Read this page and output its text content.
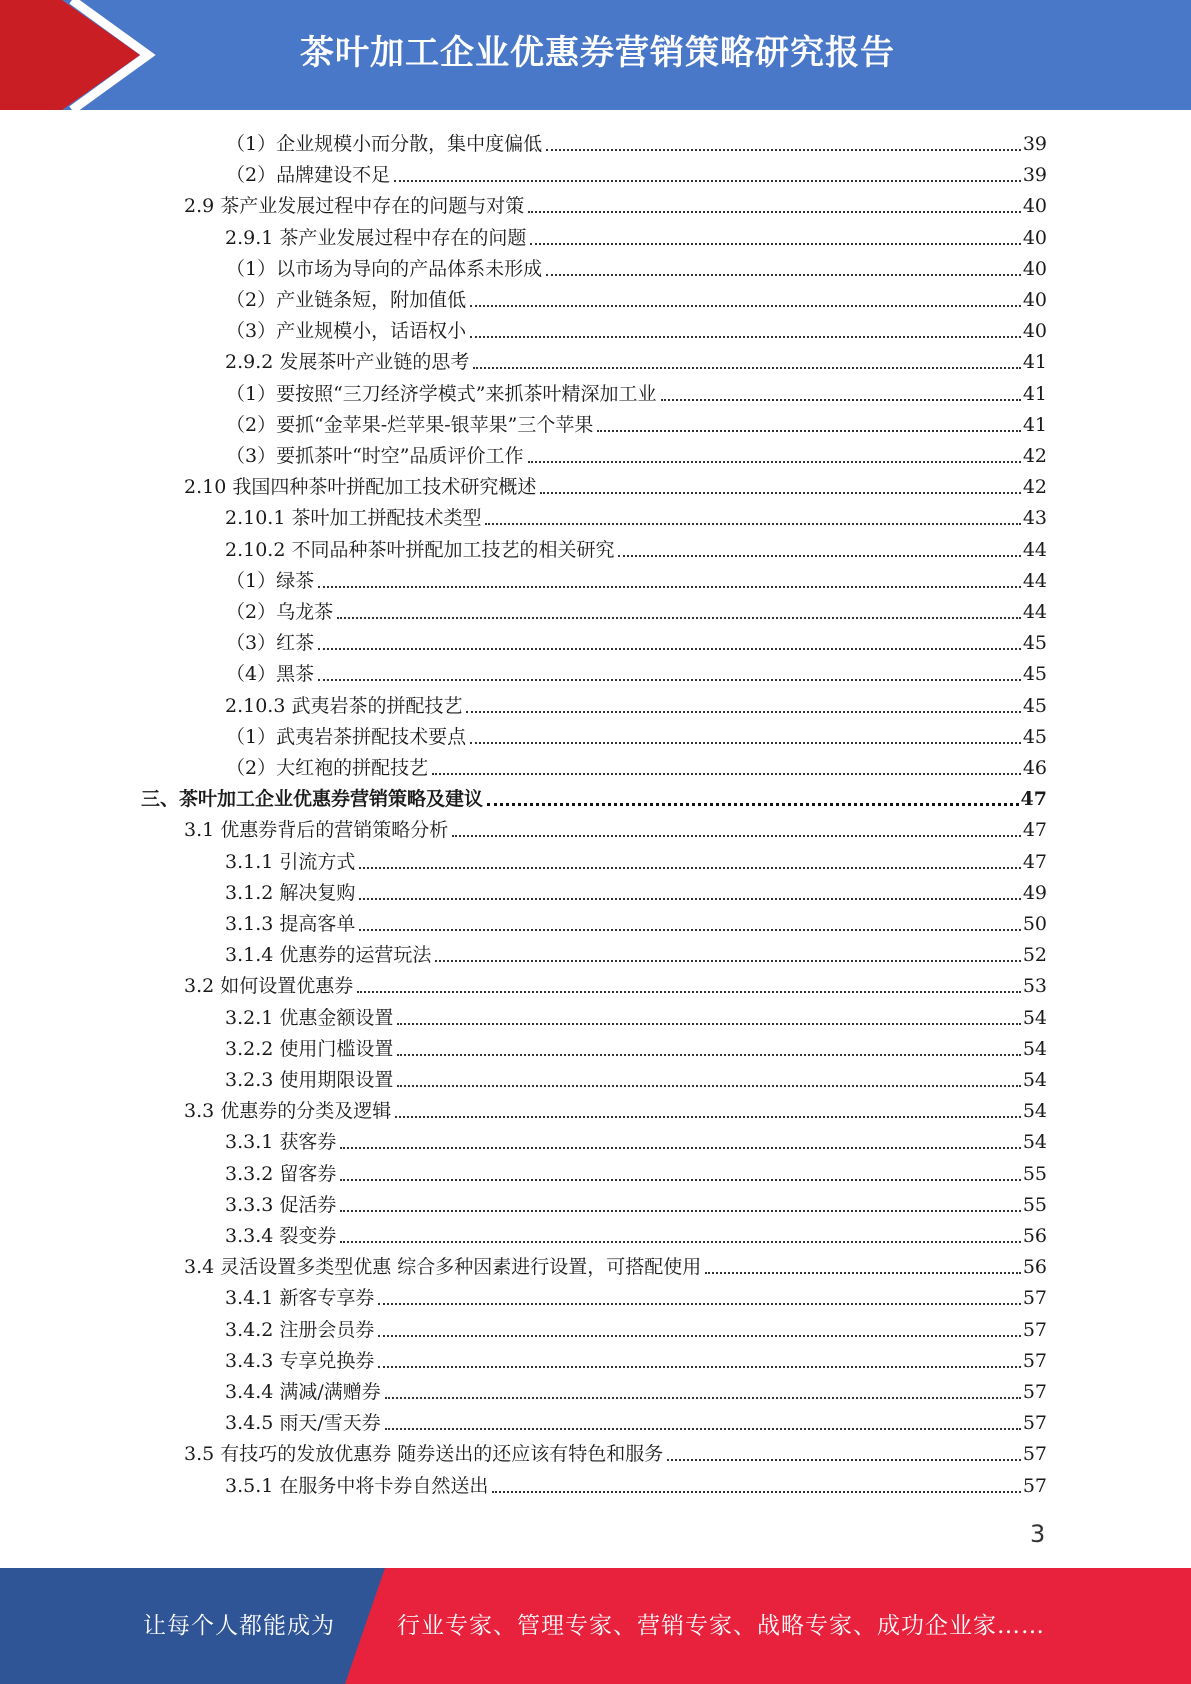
茶叶加工企业优惠券营销策略研究报告
（1）企业规模小而分散，集中度偏低	39
（2）品牌建设不足	39
2.9 茶产业发展过程中存在的问题与对策	40
2.9.1 茶产业发展过程中存在的问题	40
（1）以市场为导向的产品体系未形成	40
（2）产业链条短，附加值低	40
（3）产业规模小，话语权小	40
2.9.2 发展茶叶产业链的思考	41
（1）要按照“三刀经济学模式”来抓茶叶精深加工业	41
（2）要抓“金苹果-烂苹果-银苹果”三个苹果	41
（3）要抓茶叶“时空”品质评价工作	42
2.10 我国四种茶叶拼配加工技术研究概述	42
2.10.1 茶叶加工拼配技术类型	43
2.10.2 不同品种茶叶拼配加工技艺的相关研究	44
（1）绿茶	44
（2）乌龙茶	44
（3）红茶	45
（4）黑茶	45
2.10.3 武夷岩茶的拼配技艺	45
（1）武夷岩茶拼配技术要点	45
（2）大红袍的拼配技艺	46
三、茶叶加工企业优惠券营销策略及建议	47
3.1 优惠券背后的营销策略分析	47
3.1.1 引流方式	47
3.1.2 解决复购	49
3.1.3 提高客单	50
3.1.4 优惠券的运营玩法	52
3.2 如何设置优惠券	53
3.2.1 优惠金额设置	54
3.2.2 使用门槛设置	54
3.2.3 使用期限设置	54
3.3 优惠券的分类及逻辑	54
3.3.1 获客券	54
3.3.2 留客券	55
3.3.3 促活券	55
3.3.4 裂变券	56
3.4 灵活设置多类型优惠 综合多种因素进行设置，可搭配使用	56
3.4.1 新客专享券	57
3.4.2 注册会员券	57
3.4.3 专享兑换券	57
3.4.4 满减/满赠券	57
3.4.5 雨天/雪天券	57
3.5 有技巧的发放优惠券 随券送出的还应该有特色和服务	57
3.5.1 在服务中将卡券自然送出	57
3
让每个人都能成为	行业专家、管理专家、营销专家、战略专家、成功企业家……
